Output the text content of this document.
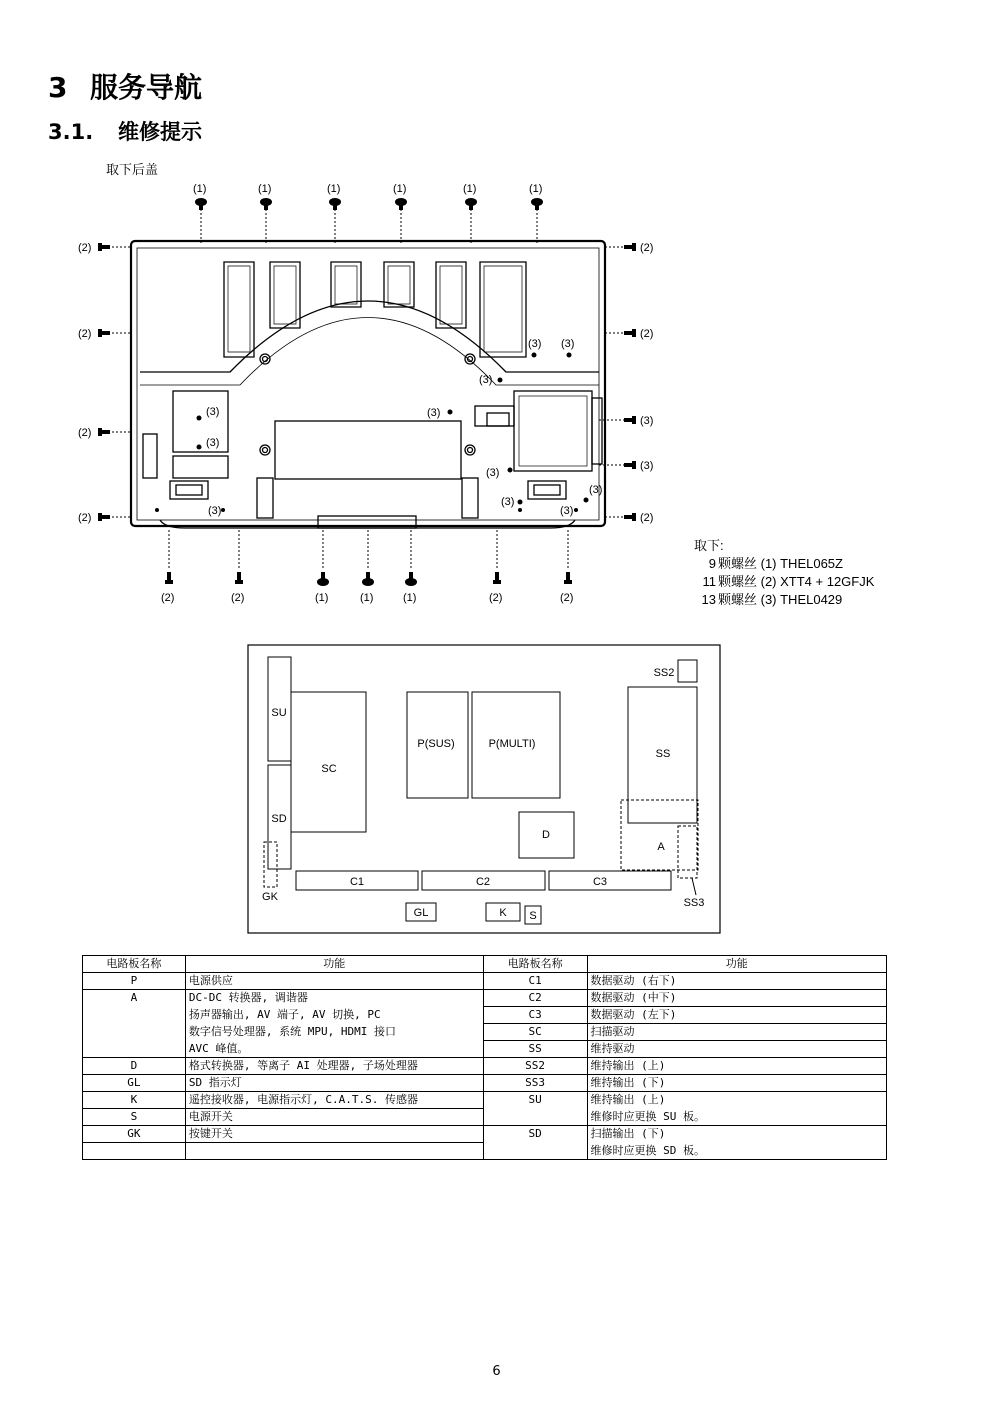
3 服务导航
3.1. 维修提示
取下后盖
(1)	(1)	(1)	(1)	(1)	(1)
(2)
(2)
(2)
(2)
(2)
(2)
(3)
(3)
(2)
(2)	(2)	(1)	(1)	(1)	(2)	(2)
(3)
(3)
(3) (3)
(3)
(3)
(3)
(3)
(3)
(3)	(3)
取下:
9 颗螺丝 (1) THEL065Z
11 颗螺丝 (2) XTT4 + 12GFJK
13 颗螺丝 (3) THEL0429
SU
SC
SD
GK
P(SUS)	P(MULTI)
D
SS
SS2
SS3
A
C1	C2	C3
GL	K S
电路板名称	功能	电路板名称	功能
P	电源供应	C1	数据驱动 (右下)
A	DC-DC 转换器, 调谐器	C2	数据驱动 (中下)
	扬声器输出, AV 端子, AV 切换, PC	C3	数据驱动 (左下)
	数字信号处理器, 系统 MPU, HDMI 接口	SC	扫描驱动
	AVC 峰值。	SS	维持驱动
D	格式转换器, 等离子 AI 处理器, 子场处理器	SS2	维持输出 (上)
GL	SD 指示灯	SS3	维持输出 (下)
K	遥控接收器, 电源指示灯, C.A.T.S. 传感器	SU	维持输出 (上)
S	电源开关		维修时应更换 SU 板。
GK	按键开关	SD	扫描输出 (下)
			维修时应更换 SD 板。
6
